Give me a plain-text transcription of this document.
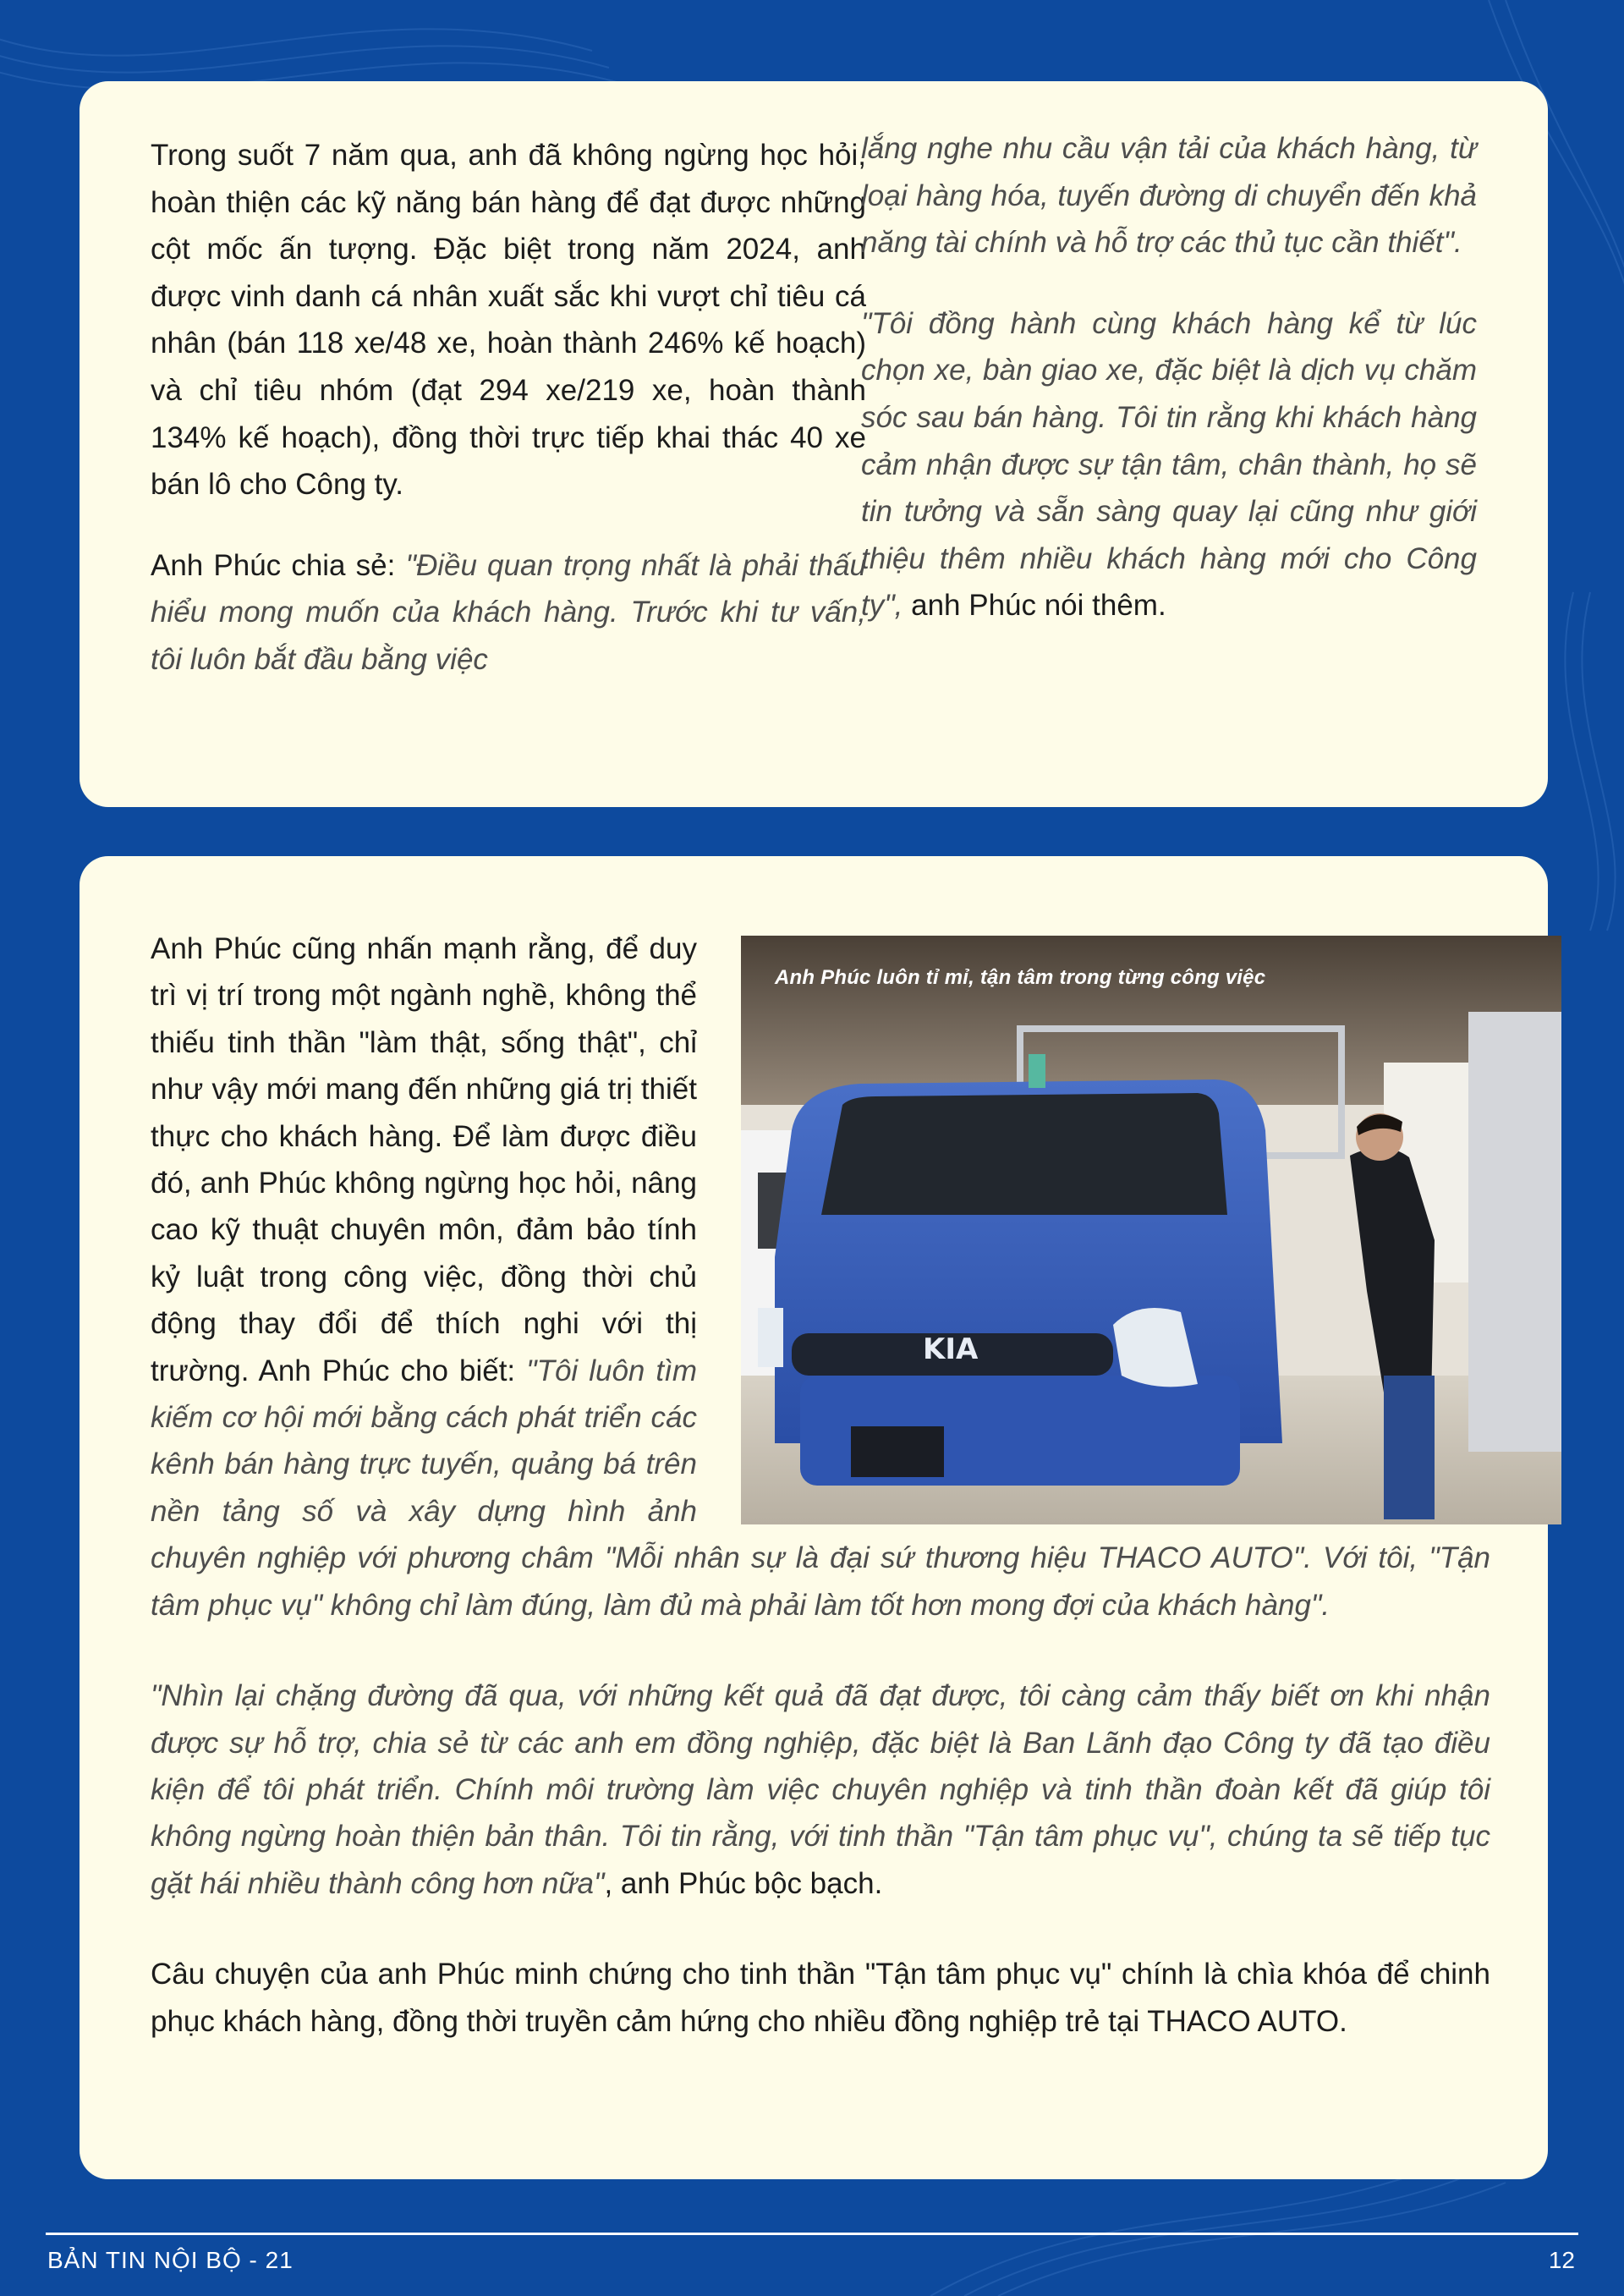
Trong suốt 7 năm qua, anh đã không ngừng học hỏi, hoàn thiện các kỹ năng bán hàng để đạt được những cột mốc ấn tượng. Đặc biệt trong năm 2024, anh được vinh danh cá nhân xuất sắc khi vượt chỉ tiêu cá nhân (bán 118 xe/48 xe, hoàn thành 246% kế hoạch) và chỉ tiêu nhóm (đạt 294 xe/219 xe, hoàn thành 134% kế hoạch), đồng thời trực tiếp khai thác 40 xe bán lô cho Công ty.

Anh Phúc chia sẻ: "Điều quan trọng nhất là phải thấu hiểu mong muốn của khách hàng. Trước khi tư vấn, tôi luôn bắt đầu bằng việc

lắng nghe nhu cầu vận tải của khách hàng, từ loại hàng hóa, tuyến đường di chuyển đến khả năng tài chính và hỗ trợ các thủ tục cần thiết".

"Tôi đồng hành cùng khách hàng kể từ lúc chọn xe, bàn giao xe, đặc biệt là dịch vụ chăm sóc sau bán hàng. Tôi tin rằng khi khách hàng cảm nhận được sự tận tâm, chân thành, họ sẽ tin tưởng và sẵn sàng quay lại cũng như giới thiệu thêm nhiều khách hàng mới cho Công ty", anh Phúc nói thêm.

KIA
Anh Phúc luôn tỉ mỉ, tận tâm trong từng công việc

Anh Phúc cũng nhấn mạnh rằng, để duy trì vị trí trong một ngành nghề, không thể thiếu tinh thần "làm thật, sống thật", chỉ như vậy mới mang đến những giá trị thiết thực cho khách hàng. Để làm được điều đó, anh Phúc không ngừng học hỏi, nâng cao kỹ thuật chuyên môn, đảm bảo tính kỷ luật trong công việc, đồng thời chủ động thay đổi để thích nghi với thị trường. Anh Phúc cho biết: "Tôi luôn tìm kiếm cơ hội mới bằng cách phát triển các kênh bán hàng trực tuyến, quảng bá trên nền tảng số và xây dựng hình ảnh chuyên nghiệp với phương châm "Mỗi nhân sự là đại sứ thương hiệu THACO AUTO". Với tôi, "Tận tâm phục vụ" không chỉ làm đúng, làm đủ mà phải làm tốt hơn mong đợi của khách hàng".

"Nhìn lại chặng đường đã qua, với những kết quả đã đạt được, tôi càng cảm thấy biết ơn khi nhận được sự hỗ trợ, chia sẻ từ các anh em đồng nghiệp, đặc biệt là Ban Lãnh đạo Công ty đã tạo điều kiện để tôi phát triển. Chính môi trường làm việc chuyên nghiệp và tinh thần đoàn kết đã giúp tôi không ngừng hoàn thiện bản thân. Tôi tin rằng, với tinh thần "Tận tâm phục vụ", chúng ta sẽ tiếp tục gặt hái nhiều thành công hơn nữa", anh Phúc bộc bạch.

Câu chuyện của anh Phúc minh chứng cho tinh thần "Tận tâm phục vụ" chính là chìa khóa để chinh phục khách hàng, đồng thời truyền cảm hứng cho nhiều đồng nghiệp trẻ tại THACO AUTO.

BẢN TIN NỘI BỘ - 21	12
